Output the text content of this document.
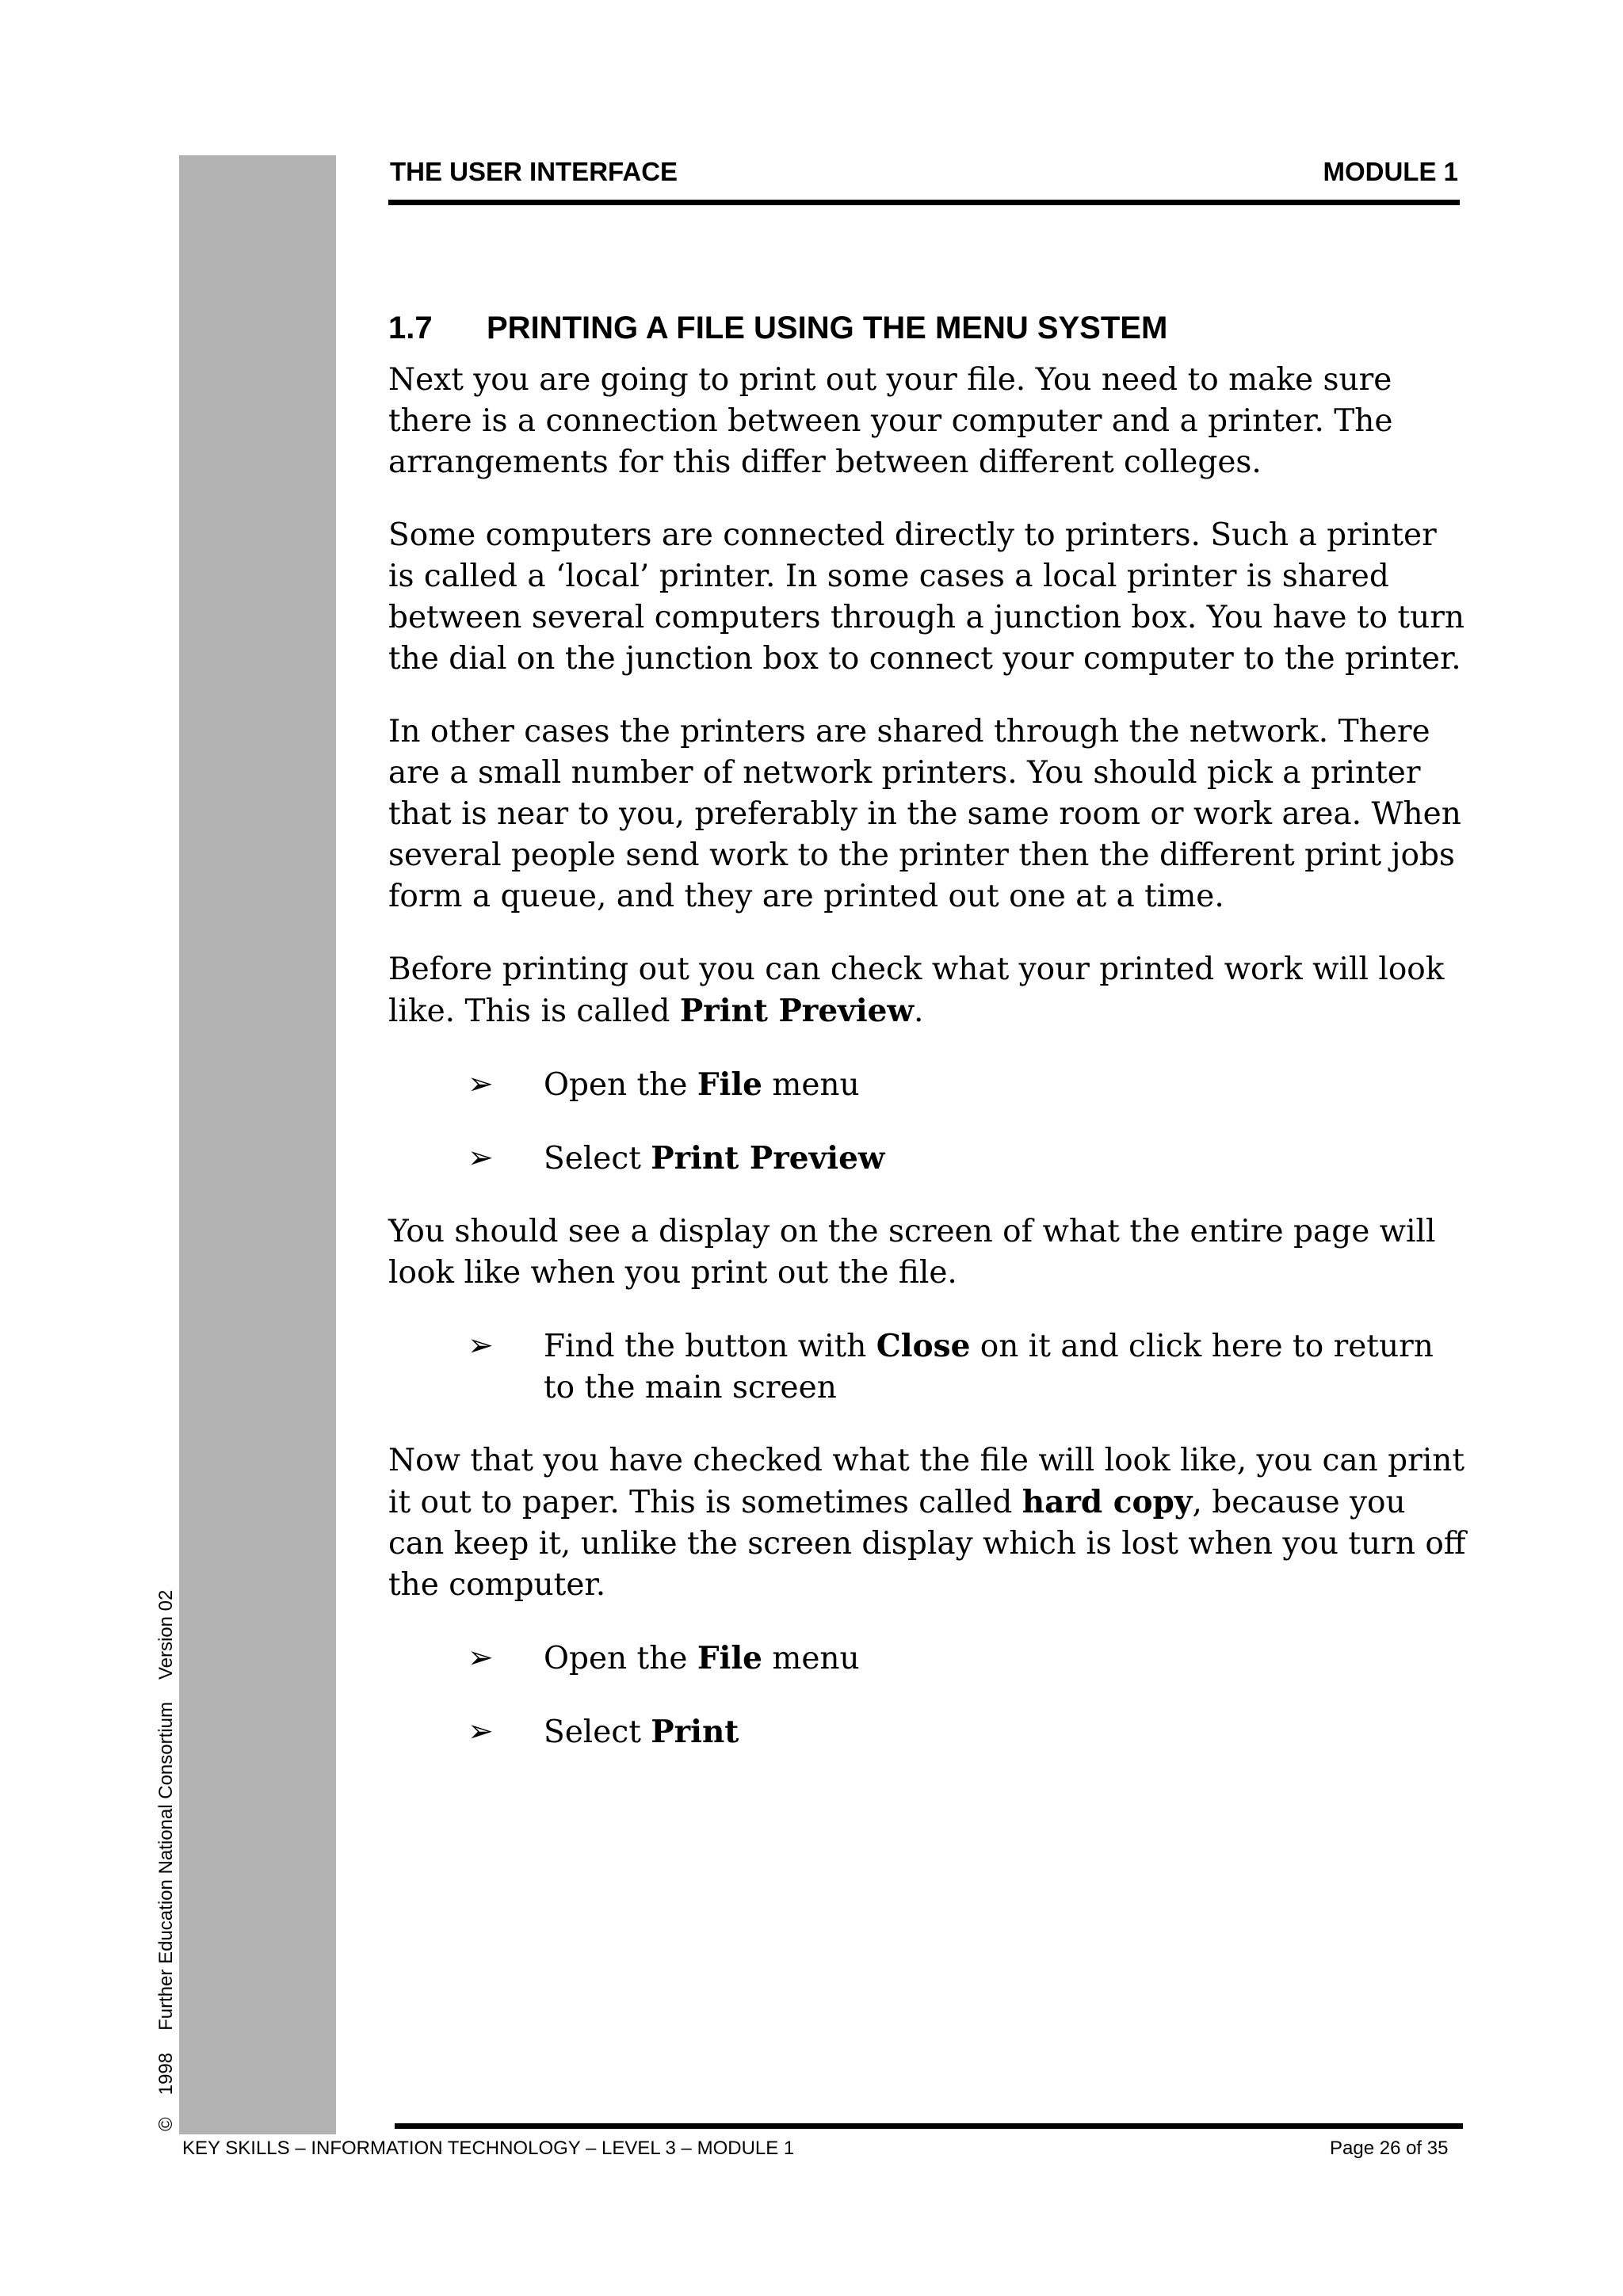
©1998Further Education National ConsortiumVersion 02
THE USER INTERFACE	MODULE 1
1.7 PRINTING A FILE USING THE MENU SYSTEM

Next you are going to print out your file. You need to make sure there is a connection between your computer and a printer. The arrangements for this differ between different colleges.

Some computers are connected directly to printers. Such a printer is called a ‘local’ printer. In some cases a local printer is shared between several computers through a junction box. You have to turn the dial on the junction box to connect your computer to the printer.

In other cases the printers are shared through the network. There are a small number of network printers. You should pick a printer that is near to you, preferably in the same room or work area. When several people send work to the printer then the different print jobs form a queue, and they are printed out one at a time.

Before printing out you can check what your printed work will look like. This is called Print Preview.

➢ Open the File menu
➢ Select Print Preview

You should see a display on the screen of what the entire page will look like when you print out the file.

➢ Find the button with Close on it and click here to return to the main screen

Now that you have checked what the file will look like, you can print it out to paper. This is sometimes called hard copy, because you can keep it, unlike the screen display which is lost when you turn off the computer.

➢ Open the File menu
➢ Select Print
KEY SKILLS – INFORMATION TECHNOLOGY – LEVEL 3 – MODULE 1	Page 26 of 35
